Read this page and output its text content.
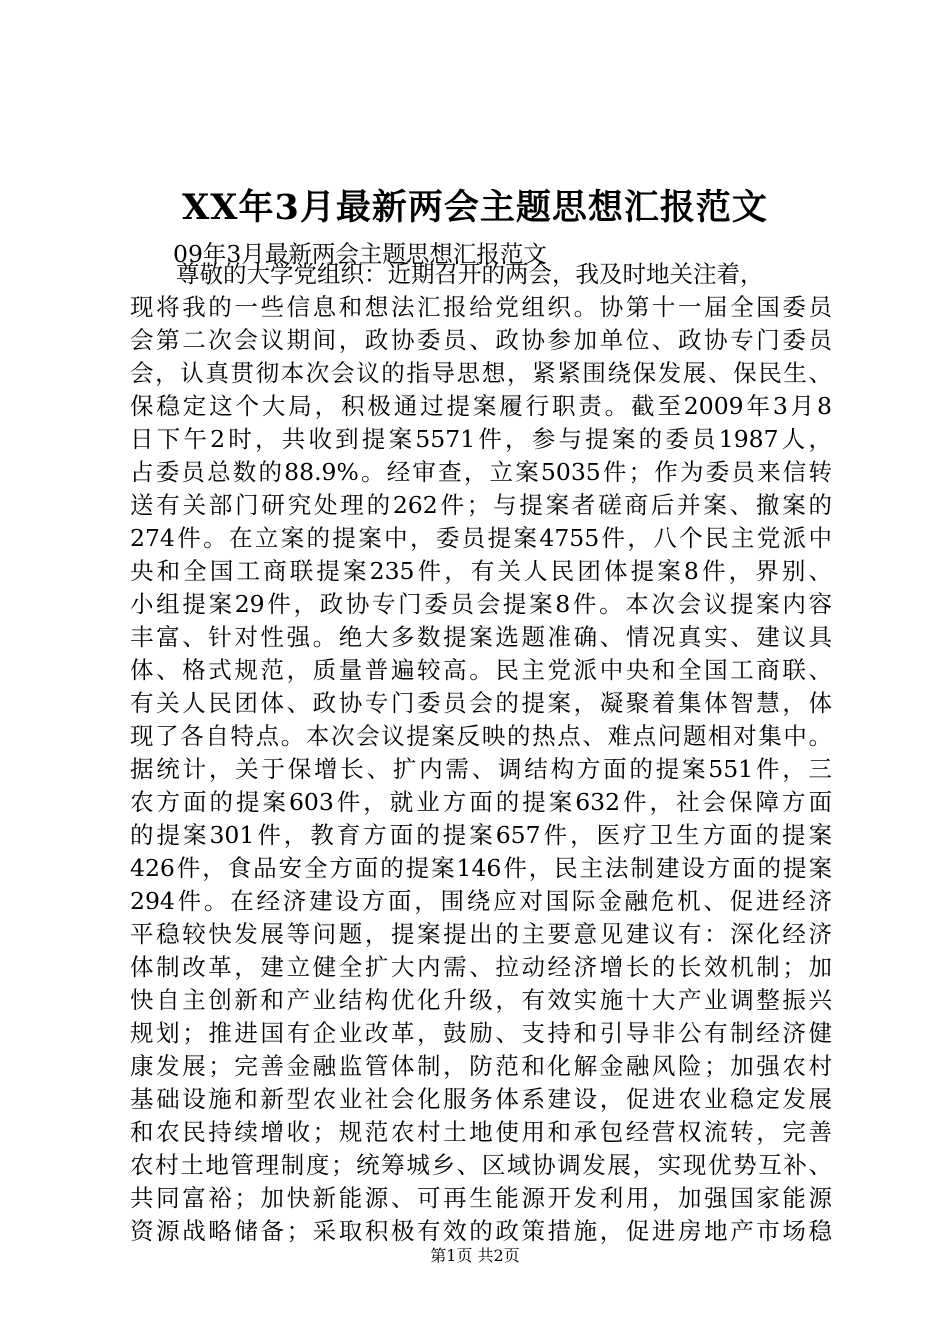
XX年3月最新两会主题思想汇报范文
09年3月最新两会主题思想汇报范文
尊敬的大学党组织：近期召开的两会，我及时地关注着，
现将我的一些信息和想法汇报给党组织。协第十一届全国委员
会第二次会议期间，政协委员、政协参加单位、政协专门委员
会，认真贯彻本次会议的指导思想，紧紧围绕保发展、保民生、
保稳定这个大局，积极通过提案履行职责。截至2009年3月8
日下午2时，共收到提案5571件，参与提案的委员1987人，
占委员总数的88.9%。经审查，立案5035件；作为委员来信转
送有关部门研究处理的262件；与提案者磋商后并案、撤案的
274件。在立案的提案中，委员提案4755件，八个民主党派中
央和全国工商联提案235件，有关人民团体提案8件，界别、
小组提案29件，政协专门委员会提案8件。本次会议提案内容
丰富、针对性强。绝大多数提案选题准确、情况真实、建议具
体、格式规范，质量普遍较高。民主党派中央和全国工商联、
有关人民团体、政协专门委员会的提案，凝聚着集体智慧，体
现了各自特点。本次会议提案反映的热点、难点问题相对集中。
据统计，关于保增长、扩内需、调结构方面的提案551件，三
农方面的提案603件，就业方面的提案632件，社会保障方面
的提案301件，教育方面的提案657件，医疗卫生方面的提案
426件，食品安全方面的提案146件，民主法制建设方面的提案
294件。在经济建设方面，围绕应对国际金融危机、促进经济
平稳较快发展等问题，提案提出的主要意见建议有：深化经济
体制改革，建立健全扩大内需、拉动经济增长的长效机制；加
快自主创新和产业结构优化升级，有效实施十大产业调整振兴
规划；推进国有企业改革，鼓励、支持和引导非公有制经济健
康发展；完善金融监管体制，防范和化解金融风险；加强农村
基础设施和新型农业社会化服务体系建设，促进农业稳定发展
和农民持续增收；规范农村土地使用和承包经营权流转，完善
农村土地管理制度；统筹城乡、区域协调发展，实现优势互补、
共同富裕；加快新能源、可再生能源开发利用，加强国家能源
资源战略储备；采取积极有效的政策措施，促进房地产市场稳
第1页 共2页
